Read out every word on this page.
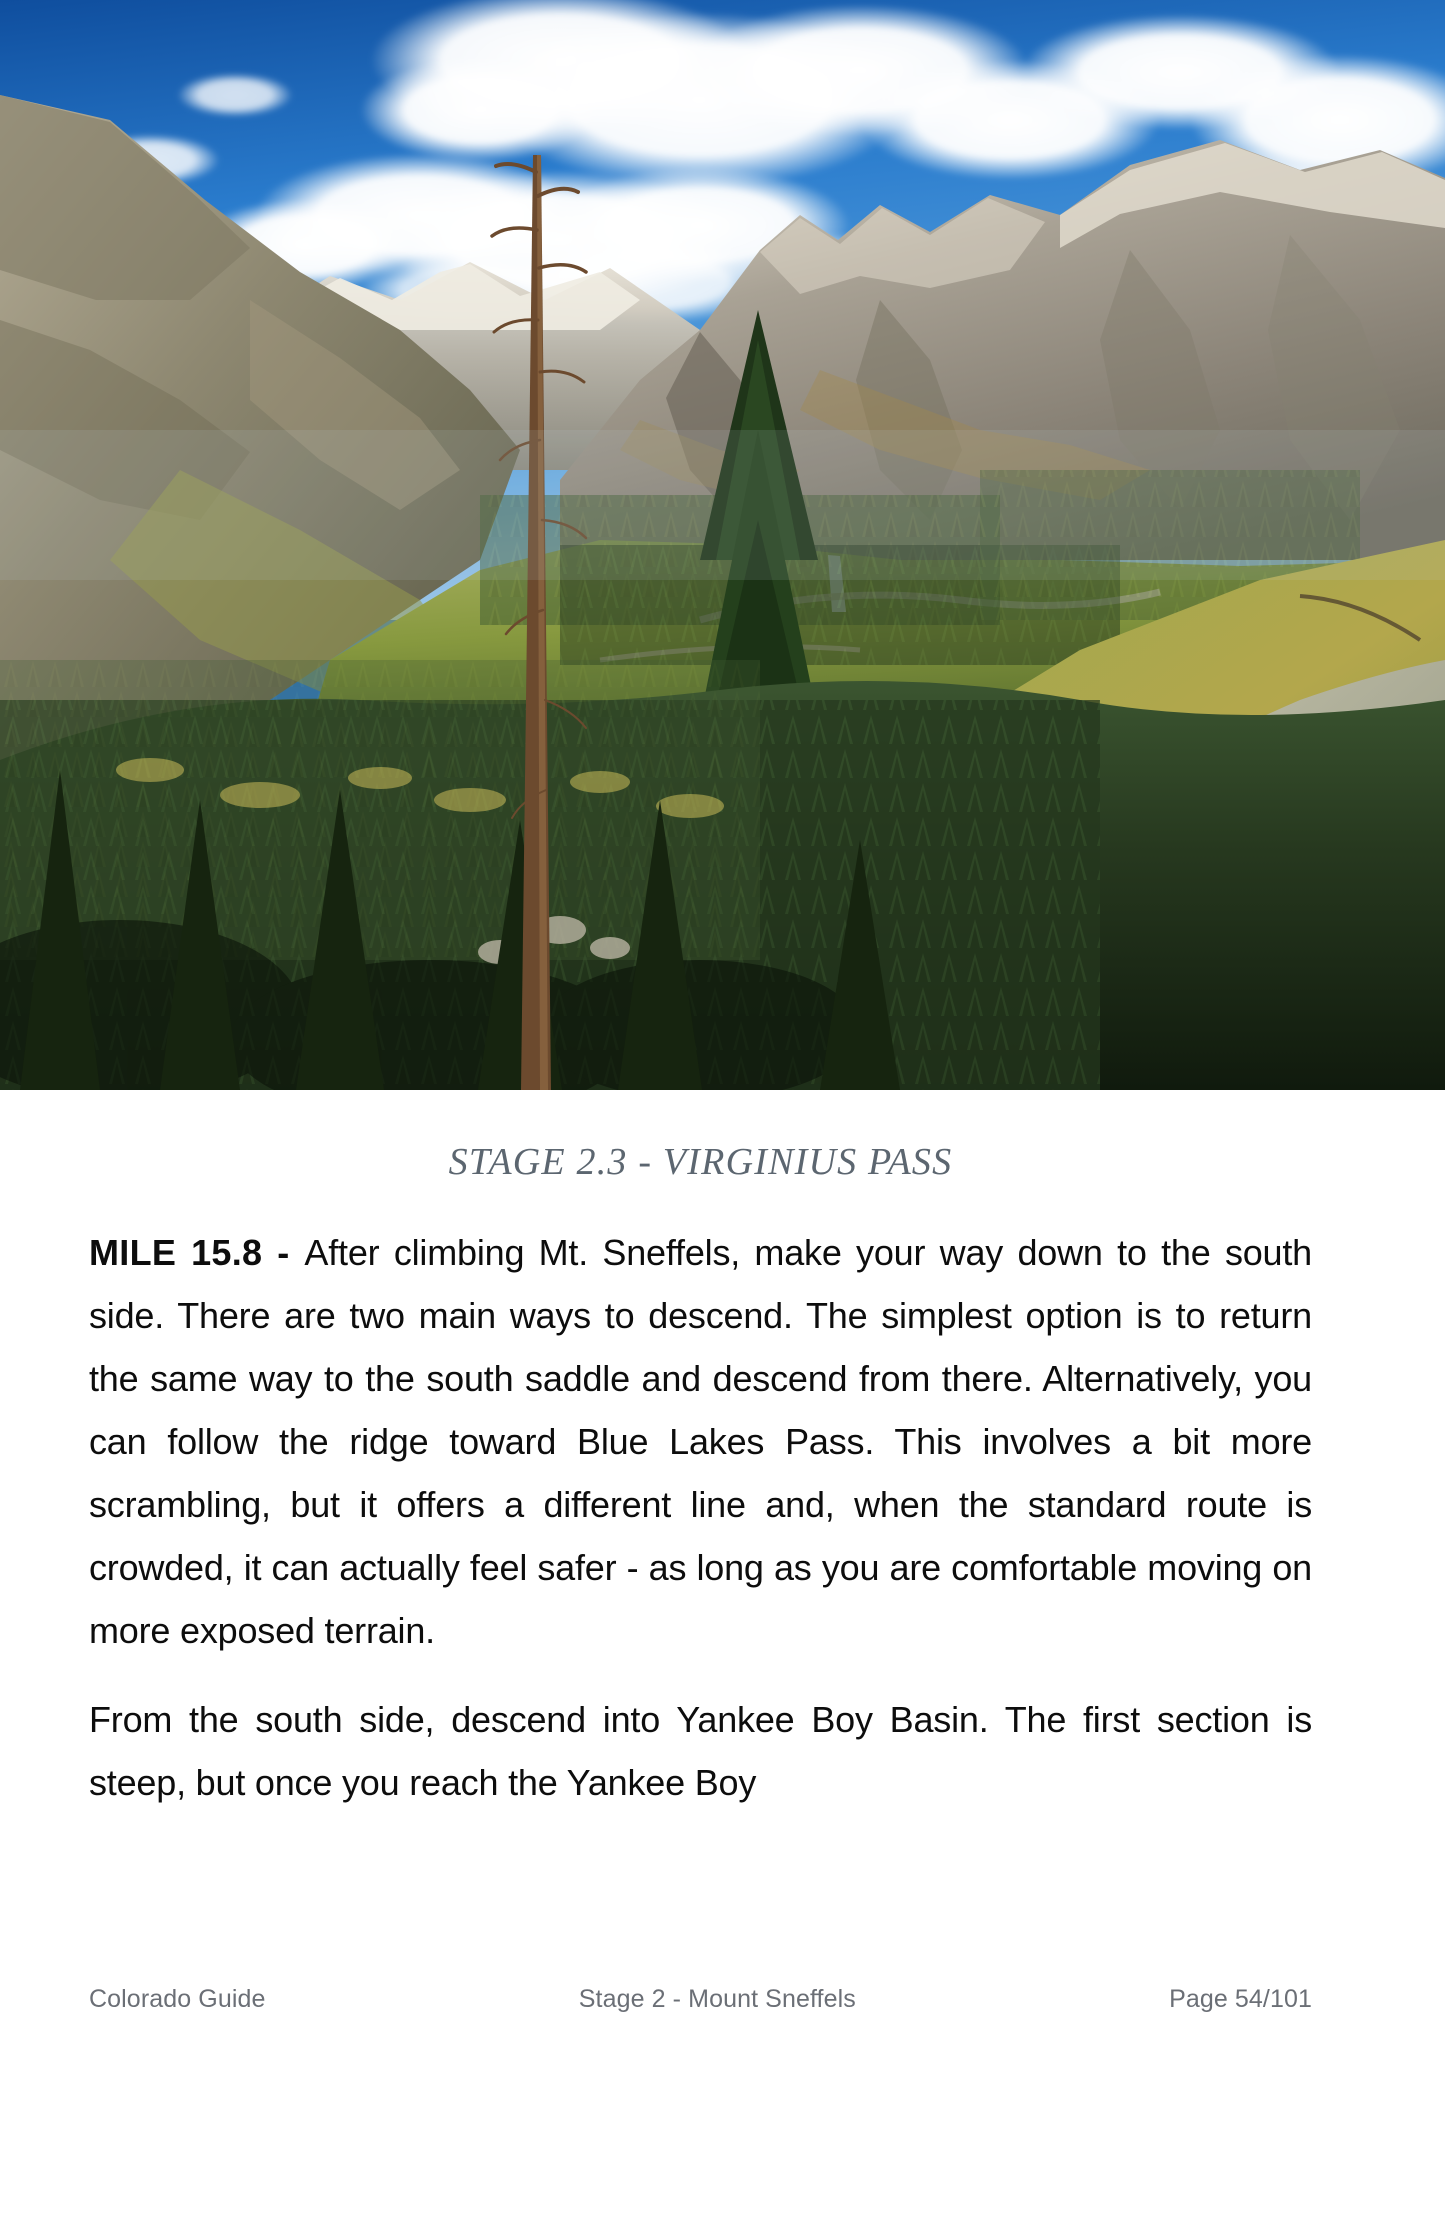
STAGE 2.3 - VIRGINIUS PASS

MILE 15.8 - After climbing Mt. Sneffels, make your way down to the south side. There are two main ways to descend. The simplest option is to return the same way to the south saddle and descend from there. Alternatively, you can follow the ridge toward Blue Lakes Pass. This involves a bit more scrambling, but it offers a different line and, when the standard route is crowded, it can actually feel safer - as long as you are comfortable moving on more exposed terrain.

From the south side, descend into Yankee Boy Basin. The first section is steep, but once you reach the Yankee Boy

Colorado Guide	Stage 2 - Mount Sneffels	Page 54/101
